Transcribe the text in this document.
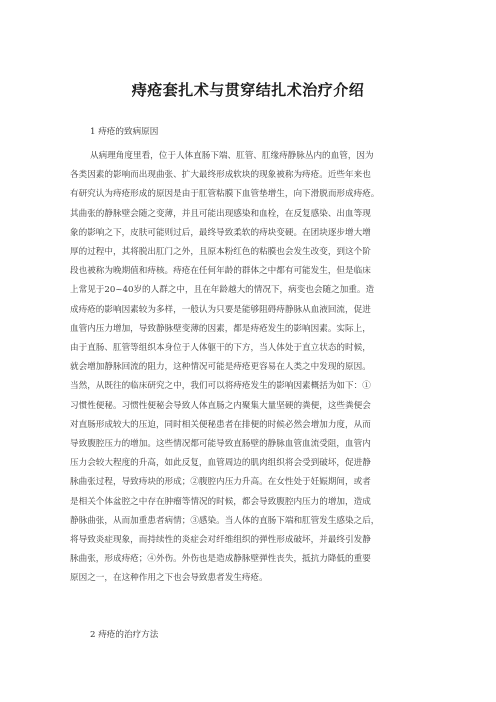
痔疮套扎术与贯穿结扎术治疗介绍
1 痔疮的致病原因
从病理角度里看，位于人体直肠下端、肛管、肛缘痔静脉丛内的血管，因为
各类因素的影响而出现曲张、扩大最终形成软块的现象被称为痔疮。近些年来也
有研究认为痔疮形成的原因是由于肛管粘膜下血管垫增生，向下滑脱而形成痔疮。
其曲张的静脉壁会随之变薄，并且可能出现感染和血栓，在反复感染、出血等现
象的影响之下，皮肤可能则过后，最终导致柔软的痔块变硬。在团块逐步增大增
厚的过程中，其将脱出肛门之外，且原本粉红色的粘膜也会发生改变，到这个阶
段也被称为晚期值和痔核。痔疮在任何年龄的群体之中都有可能发生，但是临床
上常见于20~40岁的人群之中，且在年龄越大的情况下，病变也会随之加重。造
成痔疮的影响因素较为多样，一般认为只要是能够阻碍痔静脉从血液回流，促进
血管内压力增加，导致静脉壁变薄的因素，都是痔疮发生的影响因素。实际上，
由于直肠、肛管等组织本身位于人体躯干的下方，当人体处于直立状态的时候，
就会增加静脉回流的阻力，这种情况可能是痔疮更容易在人类之中发现的原因。
当然，从既往的临床研究之中，我们可以将痔疮发生的影响因素概括为如下：①
习惯性便秘。习惯性便秘会导致人体直肠之内聚集大量坚硬的粪便，这些粪便会
对直肠形成较大的压迫，同时相关便秘患者在排便的时候必然会增加力度，从而
导致腹腔压力的增加。这些情况都可能导致直肠壁的静脉血管血流受阻，血管内
压力会较大程度的升高，如此反复，血管周边的肌肉组织将会受到破坏，促进静
脉曲张过程，导致痔块的形成；②腹腔内压力升高。在女性处于妊娠期间，或者
是相关个体盆腔之中存在肿瘤等情况的时候，都会导致腹腔内压力的增加，造成
静脉曲张，从而加重患者病情；③感染。当人体的直肠下端和肛管发生感染之后，
将导致炎症现象，而持续性的炎症会对纤维组织的弹性形成破坏，并最终引发静
脉曲张，形成痔疮；④外伤。外伤也是造成静脉壁弹性丧失，抵抗力降低的重要
原因之一，在这种作用之下也会导致患者发生痔疮。
2 痔疮的治疗方法
